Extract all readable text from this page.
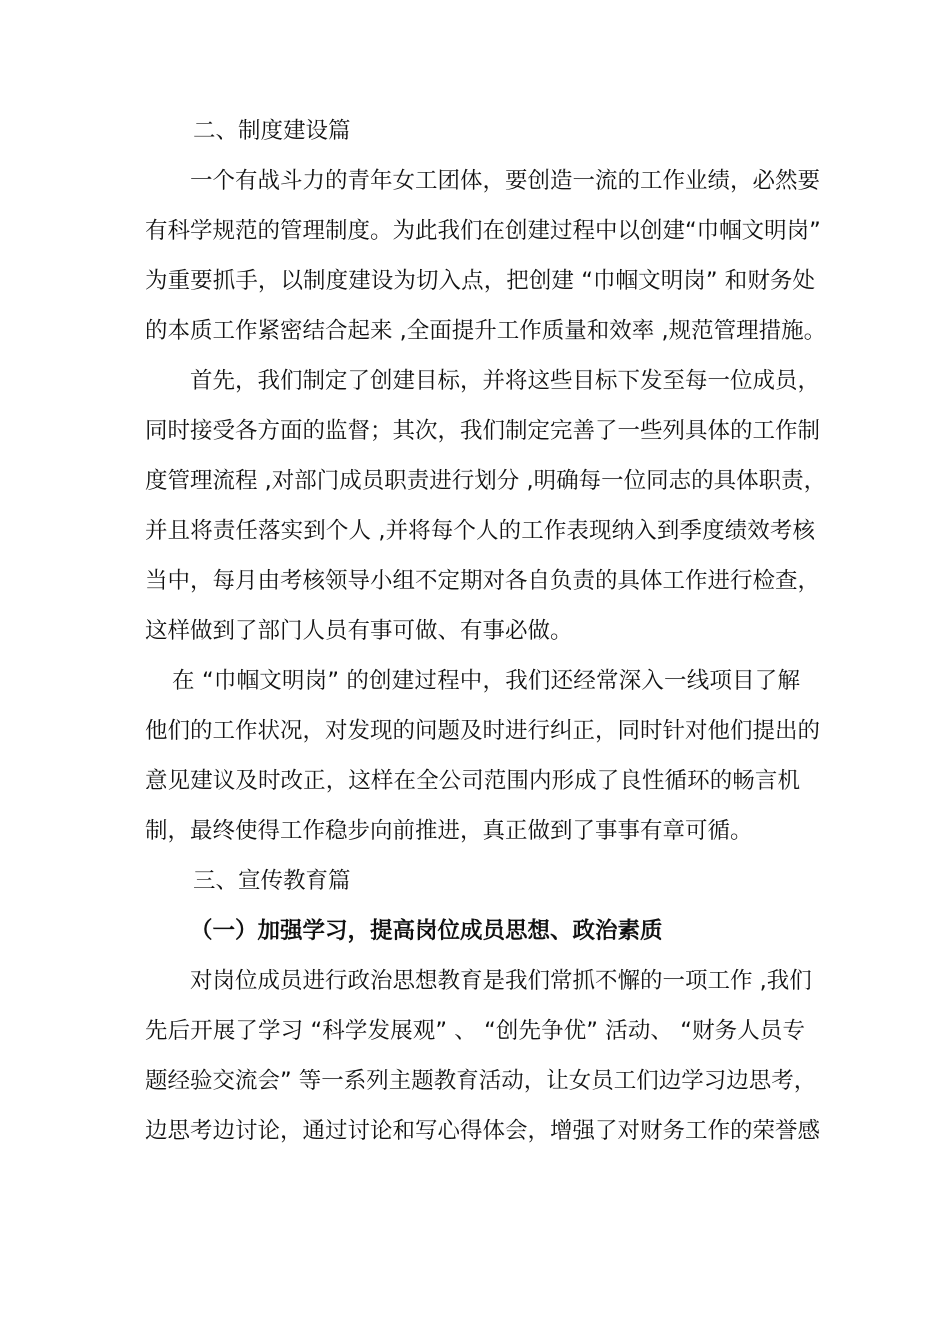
二、制度建设篇
一个有战斗力的青年女工团体，要创造一流的工作业绩，必然要
有科学规范的管理制度。为此我们在创建过程中以创建“巾帼文明岗”
为重要抓手，以制度建设为切入点，把创建 “巾帼文明岗” 和财务处
的本质工作紧密结合起来 ,全面提升工作质量和效率 ,规范管理措施。
首先，我们制定了创建目标，并将这些目标下发至每一位成员，
同时接受各方面的监督；其次，我们制定完善了一些列具体的工作制
度管理流程 ,对部门成员职责进行划分 ,明确每一位同志的具体职责，
并且将责任落实到个人 ,并将每个人的工作表现纳入到季度绩效考核
当中，每月由考核领导小组不定期对各自负责的具体工作进行检查，
这样做到了部门人员有事可做、有事必做。
在 “巾帼文明岗” 的创建过程中，我们还经常深入一线项目了解
他们的工作状况，对发现的问题及时进行纠正，同时针对他们提出的
意见建议及时改正，这样在全公司范围内形成了良性循环的畅言机
制，最终使得工作稳步向前推进，真正做到了事事有章可循。
三、宣传教育篇
（一）加强学习，提高岗位成员思想、政治素质
对岗位成员进行政治思想教育是我们常抓不懈的一项工作 ,我们
先后开展了学习 “科学发展观” 、 “创先争优” 活动、 “财务人员专
题经验交流会” 等一系列主题教育活动，让女员工们边学习边思考，
边思考边讨论，通过讨论和写心得体会，增强了对财务工作的荣誉感
